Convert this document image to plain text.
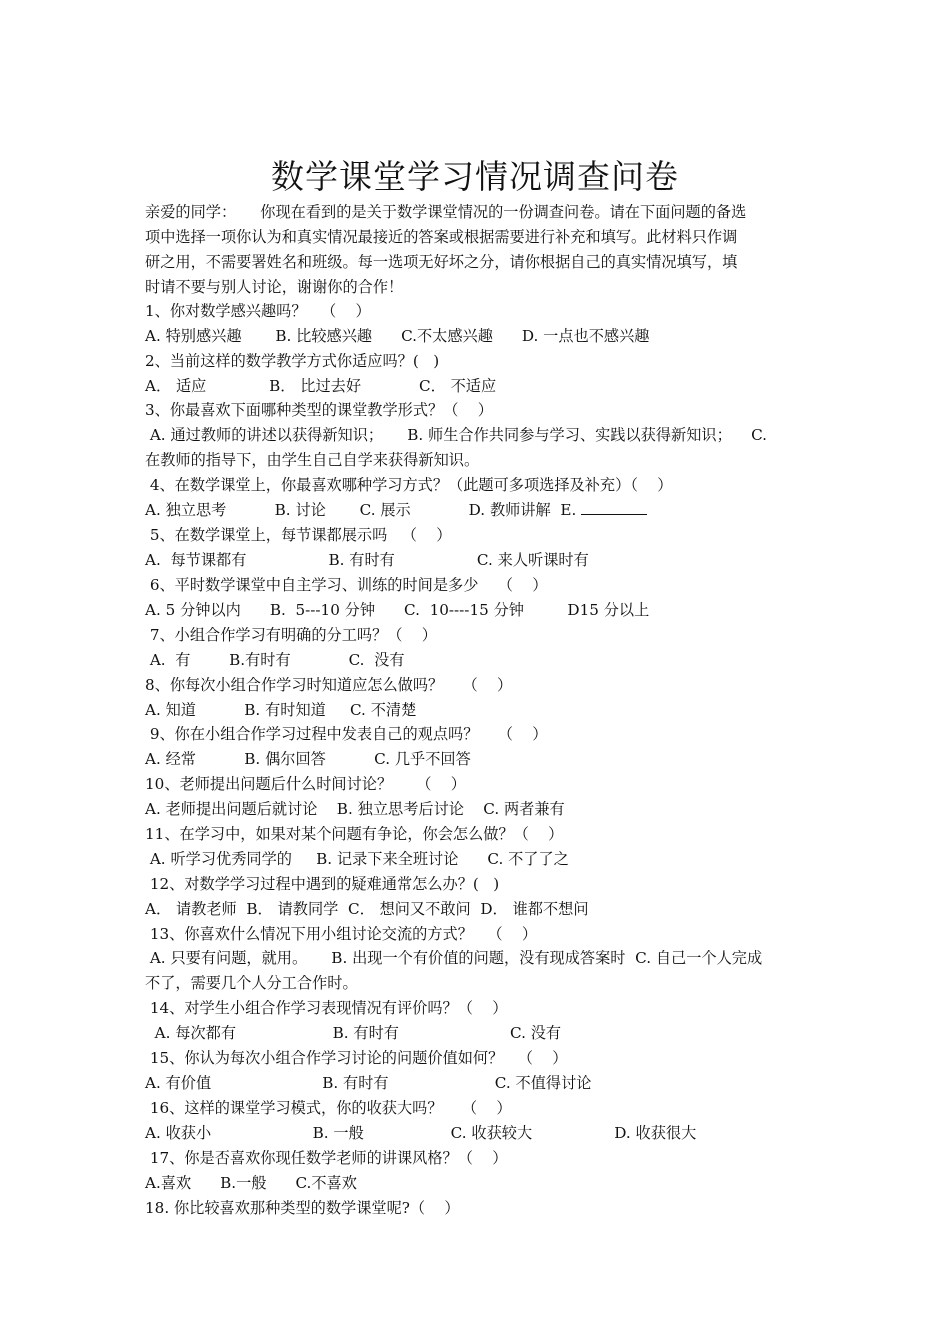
数学课堂学习情况调查问卷
亲爱的同学：     你现在看到的是关于数学课堂情况的一份调查问卷。请在下面问题的备选
项中选择一项你认为和真实情况最接近的答案或根据需要进行补充和填写。此材料只作调
研之用，不需要署姓名和班级。每一选项无好坏之分，请你根据自己的真实情况填写，填
时请不要与别人讨论，谢谢你的合作！
1、你对数学感兴趣吗？   （    ）
A. 特别感兴趣       B. 比较感兴趣      C.不太感兴趣      D. 一点也不感兴趣
2、当前这样的数学教学方式你适应吗？(   )
A． 适应             B． 比过去好            C． 不适应
3、你最喜欢下面哪种类型的课堂教学形式？（    ）
A. 通过教师的讲述以获得新知识；     B. 师生合作共同参与学习、实践以获得新知识；    C.
在教师的指导下，由学生自己自学来获得新知识。
4、在数学课堂上，你最喜欢哪种学习方式？（此题可多项选择及补充）（    ）
A. 独立思考          B. 讨论       C. 展示            D. 教师讲解  E.
5、在数学课堂上，每节课都展示吗   （    ）
A.  每节课都有                 B. 有时有                 C. 来人听课时有
6、平时数学课堂中自主学习、训练的时间是多少    （    ）
A. 5 分钟以内      B.  5---10 分钟      C.  10----15 分钟         D15 分以上
7、小组合作学习有明确的分工吗？（    ）
A.  有        B.有时有            C.  没有
8、你每次小组合作学习时知道应怎么做吗？    （    ）
A. 知道          B. 有时知道     C. 不清楚
9、你在小组合作学习过程中发表自己的观点吗？    （    ）
A. 经常          B. 偶尔回答          C. 几乎不回答
10、老师提出问题后什么时间讨论？     （    ）
A. 老师提出问题后就讨论    B. 独立思考后讨论    C. 两者兼有
11、在学习中，如果对某个问题有争论，你会怎么做？（    ）
A. 听学习优秀同学的     B. 记录下来全班讨论      C. 不了了之
12、对数学学习过程中遇到的疑难通常怎么办？(   )
A． 请教老师  B． 请教同学  C． 想问又不敢问  D． 谁都不想问
13、你喜欢什么情况下用小组讨论交流的方式？   （    ）
A. 只要有问题，就用。     B. 出现一个有价值的问题，没有现成答案时  C. 自己一个人完成
不了，需要几个人分工合作时。
14、对学生小组合作学习表现情况有评价吗？（    ）
A. 每次都有                    B. 有时有                       C. 没有
15、你认为每次小组合作学习讨论的问题价值如何？   （    ）
A. 有价值                       B. 有时有                      C. 不值得讨论
16、这样的课堂学习模式，你的收获大吗？    （    ）
A. 收获小                     B. 一般                  C. 收获较大                 D. 收获很大
17、你是否喜欢你现任数学老师的讲课风格？（    ）
A.喜欢      B.一般      C.不喜欢
18. 你比较喜欢那种类型的数学课堂呢?（    ）
